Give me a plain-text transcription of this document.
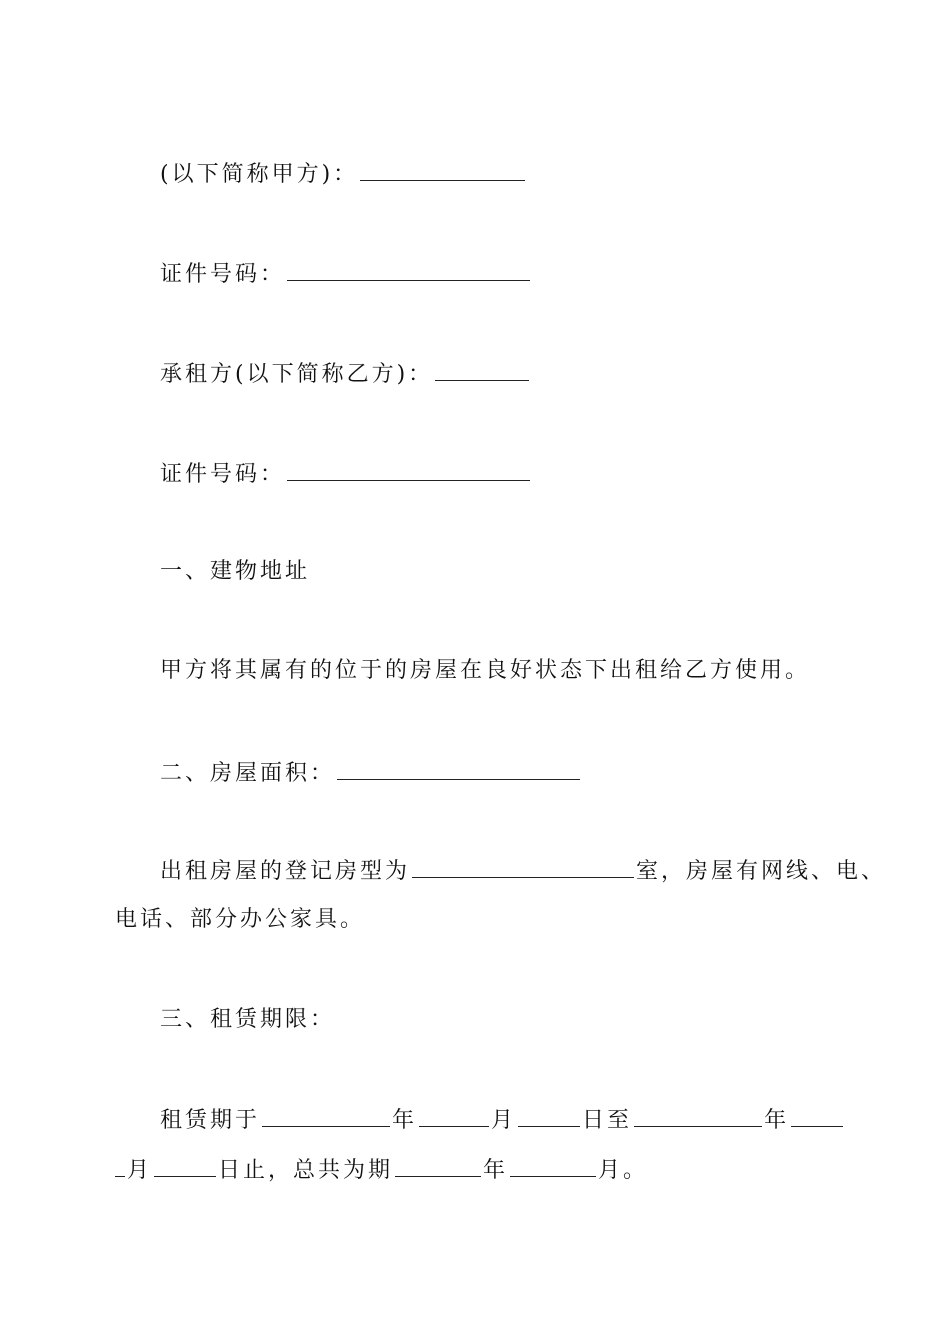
(以下简称甲方)：
证件号码：
承租方(以下简称乙方)：
证件号码：
一、建物地址
甲方将其属有的位于的房屋在良好状态下出租给乙方使用。
二、房屋面积：
出租房屋的登记房型为	室，房屋有网线、电、
电话、部分办公家具。
三、租赁期限：
租赁期于	年	月	日至	年
月	日止，总共为期	年	月。
